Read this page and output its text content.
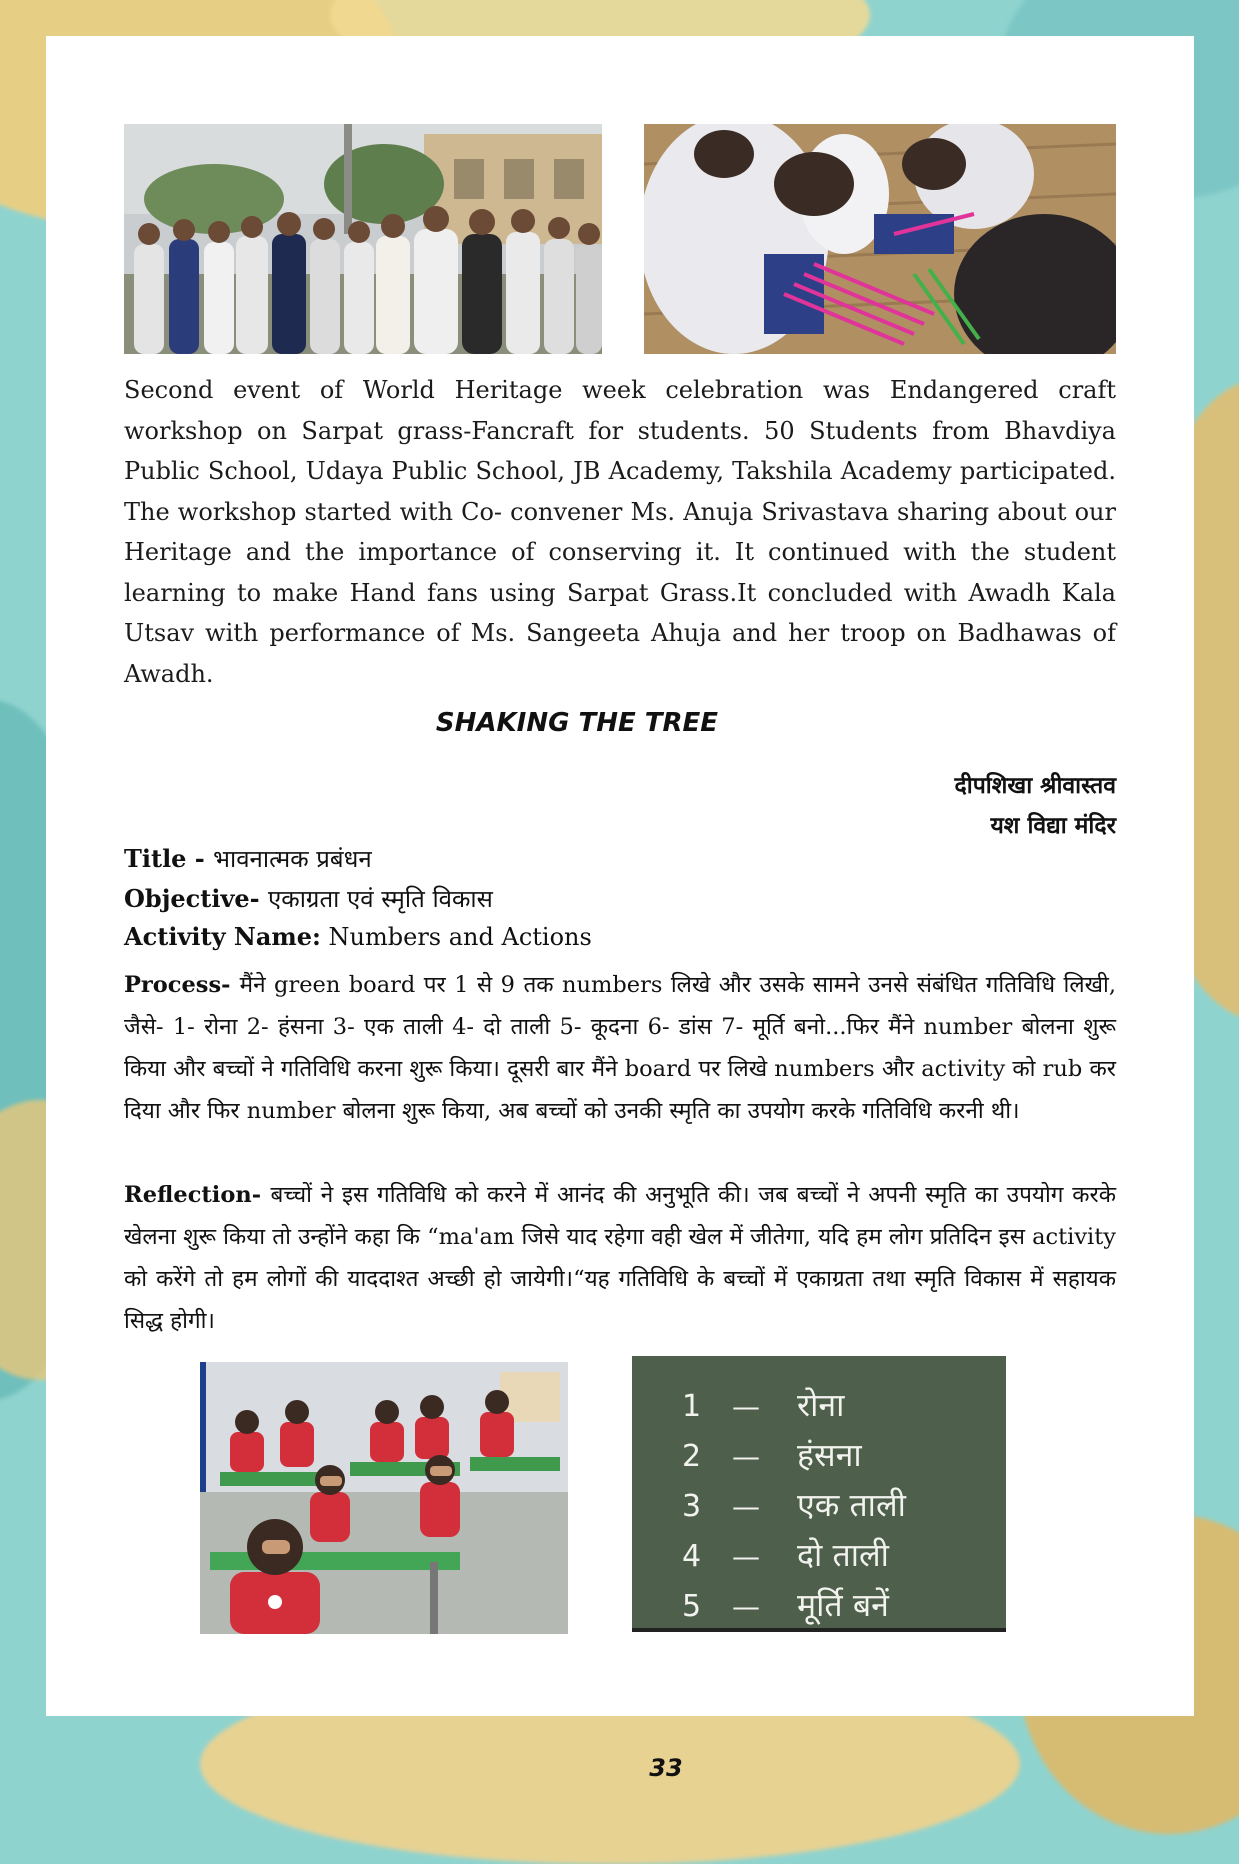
Second event of World Heritage week celebration was Endangered craft workshop on Sarpat grass-Fancraft for students. 50 Students from Bhavdiya Public School, Udaya Public School, JB Academy, Takshila Academy participated. The workshop started with Co- convener Ms. Anuja Srivastava sharing about our Heritage and the importance of conserving it. It continued with the student learning to make Hand fans using Sarpat Grass.It concluded with Awadh Kala Utsav with performance of Ms. Sangeeta Ahuja and her troop on Badhawas of Awadh.

SHAKING THE TREE
दीपशिखा श्रीवास्तव
यश विद्या मंदिर
Title - भावनात्मक प्रबंधन
Objective- एकाग्रता एवं स्मृति विकास
Activity Name: Numbers and Actions

Process- मैंने green board पर 1 से 9 तक numbers लिखे और उसके सामने उनसे संबंधित गतिविधि लिखी, जैसे- 1- रोना 2- हंसना 3- एक ताली 4- दो ताली 5- कूदना 6- डांस 7- मूर्ति बनो...फिर मैंने number बोलना शुरू किया और बच्चों ने गतिविधि करना शुरू किया। दूसरी बार मैंने board पर लिखे numbers और activity को rub कर दिया और फिर number बोलना शुरू किया, अब बच्चों को उनकी स्मृति का उपयोग करके गतिविधि करनी थी।

Reflection- बच्चों ने इस गतिविधि को करने में आनंद की अनुभूति की। जब बच्चों ने अपनी स्मृति का उपयोग करके खेलना शुरू किया तो उन्होंने कहा कि “ma'am जिसे याद रहेगा वही खेल में जीतेगा, यदि हम लोग प्रतिदिन इस activity को करेंगे तो हम लोगों की याददाश्त अच्छी हो जायेगी।“यह गतिविधि के बच्चों में एकाग्रता तथा स्मृति विकास में सहायक सिद्ध होगी।

1 — रोना
2 — हंसना
3 — एक ताली
4 — दो ताली
5 — मूर्ति बनें
33
